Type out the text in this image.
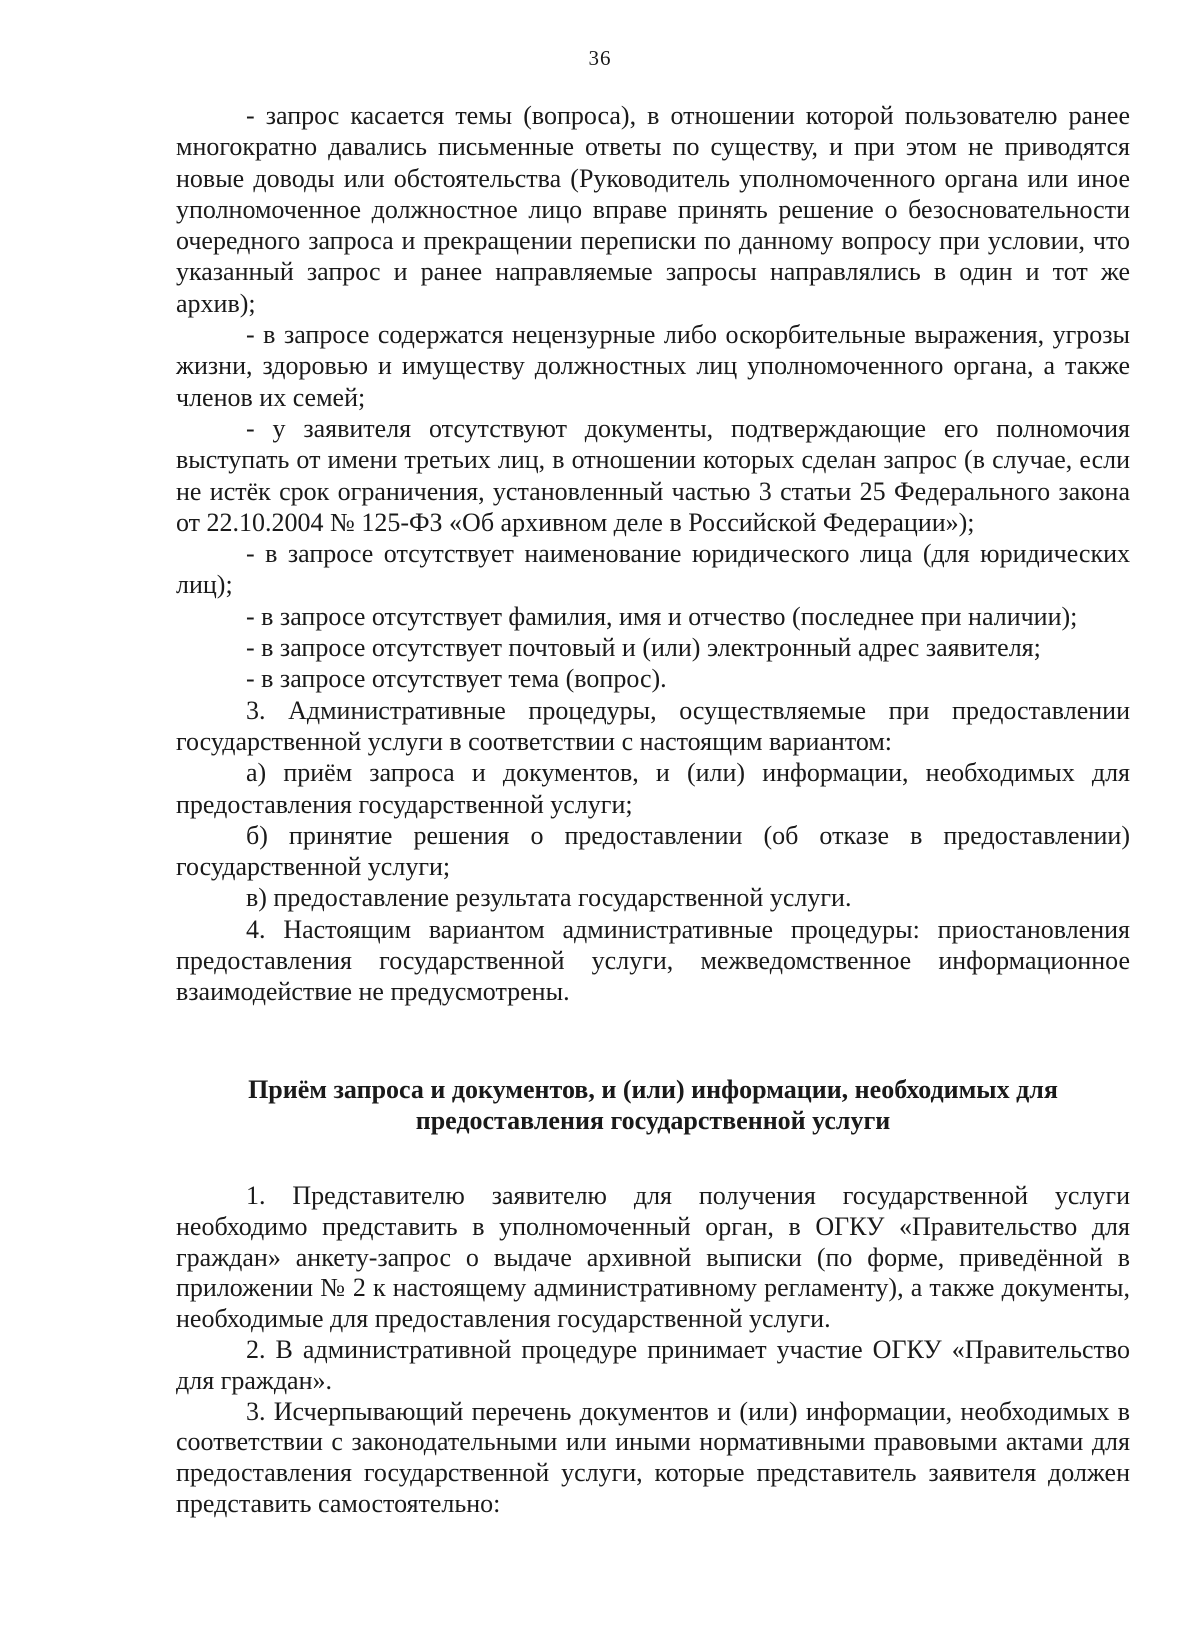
36

- запрос касается темы (вопроса), в отношении которой пользователю ранее многократно давались письменные ответы по существу, и при этом не приводятся новые доводы или обстоятельства (Руководитель уполномоченного органа или иное уполномоченное должностное лицо вправе принять решение о безосновательности очередного запроса и прекращении переписки по данному вопросу при условии, что указанный запрос и ранее направляемые запросы направлялись в один и тот же архив);

- в запросе содержатся нецензурные либо оскорбительные выражения, угрозы жизни, здоровью и имуществу должностных лиц уполномоченного органа, а также членов их семей;

- у заявителя отсутствуют документы, подтверждающие его полномочия выступать от имени третьих лиц, в отношении которых сделан запрос (в случае, если не истёк срок ограничения, установленный частью 3 статьи 25 Федерального закона от 22.10.2004 № 125-ФЗ «Об архивном деле в Российской Федерации»);

- в запросе отсутствует наименование юридического лица (для юридических лиц);

- в запросе отсутствует фамилия, имя и отчество (последнее при наличии);

- в запросе отсутствует почтовый и (или) электронный адрес заявителя;

- в запросе отсутствует тема (вопрос).

3. Административные процедуры, осуществляемые при предоставлении государственной услуги в соответствии с настоящим вариантом:

а) приём запроса и документов, и (или) информации, необходимых для предоставления государственной услуги;

б) принятие решения о предоставлении (об отказе в предоставлении) государственной услуги;

в) предоставление результата государственной услуги.

4. Настоящим вариантом административные процедуры: приостановления предоставления государственной услуги, межведомственное информационное взаимодействие не предусмотрены.

Приём запроса и документов, и (или) информации, необходимых для
предоставления государственной услуги

1. Представителю заявителю для получения государственной услуги необходимо представить в уполномоченный орган, в ОГКУ «Правительство для граждан» анкету-запрос о выдаче архивной выписки (по форме, приведённой в приложении № 2 к настоящему административному регламенту), а также документы, необходимые для предоставления государственной услуги.

2. В административной процедуре принимает участие ОГКУ «Правительство для граждан».

3. Исчерпывающий перечень документов и (или) информации, необходимых в соответствии с законодательными или иными нормативными правовыми актами для предоставления государственной услуги, которые представитель заявителя должен представить самостоятельно:
